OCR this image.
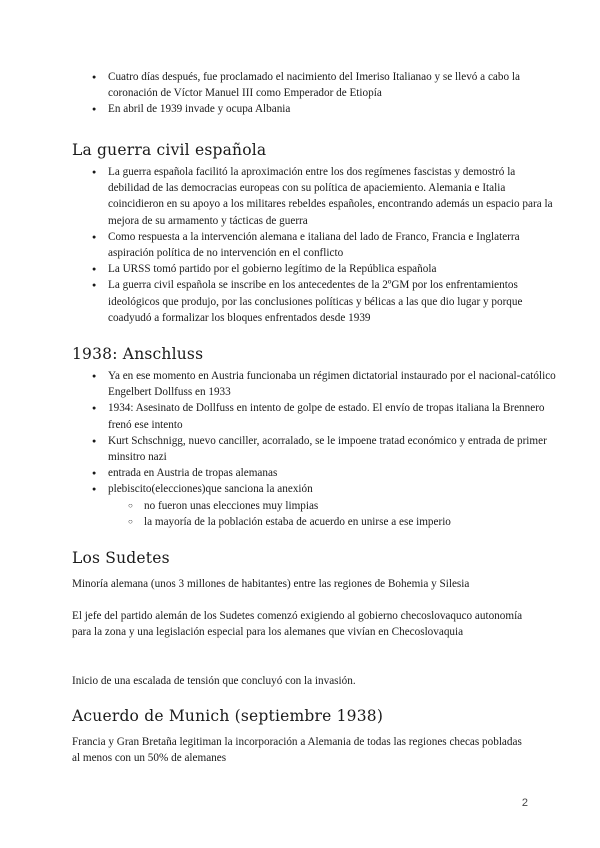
● Cuatro días después, fue proclamado el nacimiento del Imeriso Italianao y se llevó a cabo la coronación de Víctor Manuel III como Emperador de Etiopía
● En abril de 1939 invade y ocupa Albania
La guerra civil española
● La guerra española facilitó la aproximación entre los dos regímenes fascistas y demostró la debilidad de las democracias europeas con su política de apaciemiento. Alemania e Italia coincidieron en su apoyo a los militares rebeldes españoles, encontrando además un espacio para la mejora de su armamento y tácticas de guerra
● Como respuesta a la intervención alemana e italiana del lado de Franco, Francia e Inglaterra aspiración política de no intervención en el conflicto
● La URSS tomó partido por el gobierno legítimo de la República española
● La guerra civil española se inscribe en los antecedentes de la 2ºGM por los enfrentamientos ideológicos que produjo, por las conclusiones políticas y bélicas a las que dio lugar y porque coadyudó a formalizar los bloques enfrentados desde 1939
1938: Anschluss
● Ya en ese momento en Austria funcionaba un régimen dictatorial instaurado por el nacional-católico Engelbert Dollfuss en 1933
● 1934: Asesinato de Dollfuss en intento de golpe de estado. El envío de tropas italiana la Brennero frenó ese intento
● Kurt Schschnigg, nuevo canciller, acorralado, se le impoene tratad económico y entrada de primer minsitro nazi
● entrada en Austria de tropas alemanas
● plebiscito(elecciones)que sanciona la anexión
○ no fueron unas elecciones muy limpias
○ la mayoría de la población estaba de acuerdo en unirse a ese imperio
Los Sudetes

Minoría alemana (unos 3 millones de habitantes) entre las regiones de Bohemia y Silesia

El jefe del partido alemán de los Sudetes comenzó exigiendo al gobierno checoslovaquco autonomía para la zona y una legislación especial para los alemanes que vivían en Checoslovaquia

Inicio de una escalada de tensión que concluyó con la invasión.

Acuerdo de Munich (septiembre 1938)

Francia y Gran Bretaña legitiman la incorporación a Alemania de todas las regiones checas pobladas al menos con un 50% de alemanes

2
